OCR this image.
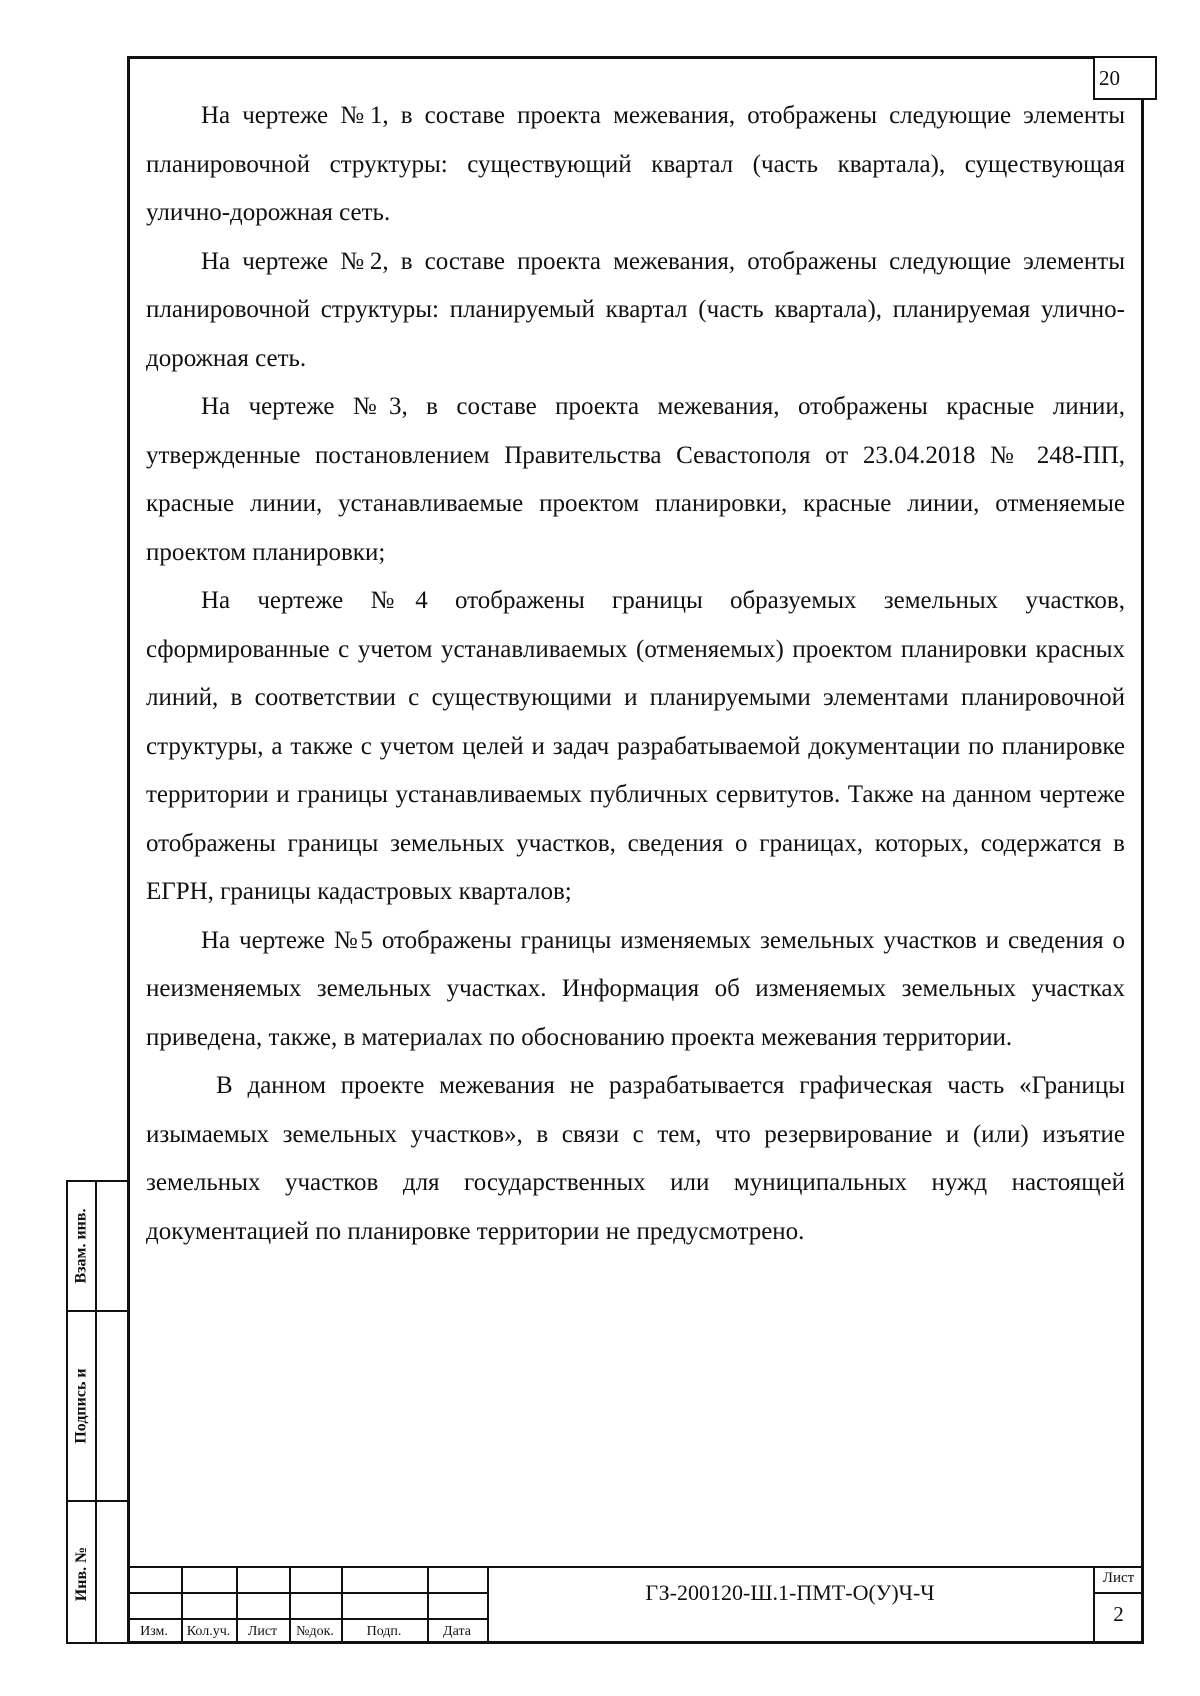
20

На чертеже №1, в составе проекта межевания, отображены следующие элементы планировочной структуры: существующий квартал (часть квартала), существующая улично-дорожная сеть.

На чертеже №2, в составе проекта межевания, отображены следующие элементы планировочной структуры: планируемый квартал (часть квартала), планируемая улично-дорожная сеть.

На чертеже №3, в составе проекта межевания, отображены красные линии, утвержденные постановлением Правительства Севастополя от 23.04.2018 № 248-ПП, красные линии, устанавливаемые проектом планировки, красные линии, отменяемые проектом планировки;

На чертеже №4 отображены границы образуемых земельных участков, сформированные с учетом устанавливаемых (отменяемых) проектом планировки красных линий, в соответствии с существующими и планируемыми элементами планировочной структуры, а также с учетом целей и задач разрабатываемой документации по планировке территории и границы устанавливаемых публичных сервитутов. Также на данном чертеже отображены границы земельных участков, сведения о границах, которых, содержатся в ЕГРН, границы кадастровых кварталов;

На чертеже №5 отображены границы изменяемых земельных участков и сведения о неизменяемых земельных участках. Информация об изменяемых земельных участках приведена, также, в материалах по обоснованию проекта межевания территории.

В данном проекте межевания не разрабатывается графическая часть «Границы изымаемых земельных участков», в связи с тем, что резервирование и (или) изъятие земельных участков для государственных или муниципальных нужд настоящей документацией по планировке территории не предусмотрено.

Взам. инв.
Подпись и
Инв. №
Изм.	Кол.уч.	Лист	№док.	Подп.	Дата
ГЗ-200120-Ш.1-ПМТ-О(У)Ч-Ч
Лист
2
